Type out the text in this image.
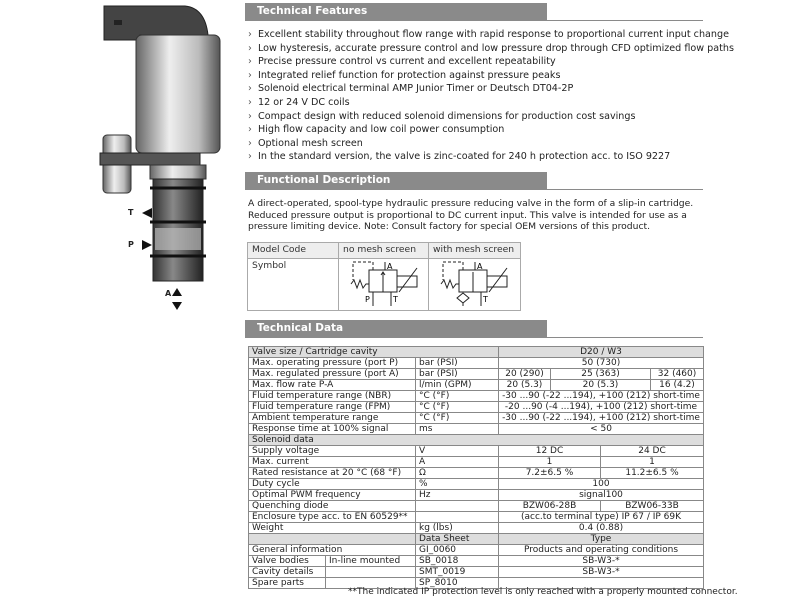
T
P
A
Technical Features
› Excellent stability throughout flow range with rapid response to proportional current input change
› Low hysteresis, accurate pressure control and low pressure drop through CFD optimized flow paths
› Precise pressure control vs current and excellent repeatability
› Integrated relief function for protection against pressure peaks
› Solenoid electrical terminal AMP Junior Timer or Deutsch DT04-2P
› 12 or 24 V DC coils
› Compact design with reduced solenoid dimensions for production cost savings
› High flow capacity and low coil power consumption
› Optional mesh screen
› In the standard version, the valve is zinc-coated for 240 h protection acc. to ISO 9227
Functional Description

A direct-operated, spool-type hydraulic pressure reducing valve in the form of a slip-in cartridge. Reduced pressure output is proportional to DC current input. This valve is intended for use as a pressure limiting device. Note: Consult factory for special OEM versions of this product.

Model Code	no mesh screen	with mesh screen
Symbol	A
P T	A
T
Technical Data
Valve size / Cartridge cavity			D20 / W3			
Max. operating pressure (port P)		bar (PSI)	50 (730)			
Max. regulated pressure (port A)		bar (PSI)	20 (290)	25 (363)		32 (460)
Max. flow rate P-A		l/min (GPM)	20 (5.3)	20 (5.3)		16 (4.2)
Fluid temperature range (NBR)		°C (°F)	-30 ...90 (-22 ...194), +100 (212) short-time			
Fluid temperature range (FPM)		°C (°F)	-20 ...90 (-4 ...194), +100 (212) short-time			
Ambient temperature range		°C (°F)	-30 ...90 (-22 ...194), +100 (212) short-time			
Response time at 100% signal		ms	< 50			
Solenoid data						
Supply voltage		V	12 DC		24 DC	
Max. current		A	1		1	
Rated resistance at 20 °C (68 °F)		Ω	7.2±6.5 %		11.2±6.5 %	
Duty cycle		%	100			
Optimal PWM frequency		Hz	signal100			
Quenching diode			BZW06-28B		BZW06-33B	
Enclosure type acc. to EN 60529**			(acc.to terminal type) IP 67 / IP 69K			
Weight		kg (lbs)	0.4 (0.88)			
		Data Sheet	Type			
General information		GI_0060	Products and operating conditions			
Valve bodies	In-line mounted	SB_0018	SB-W3-*			
Cavity details		SMT_0019	SB-W3-*			
Spare parts		SP_8010				
**The indicated IP protection level is only reached with a properly mounted connector.
